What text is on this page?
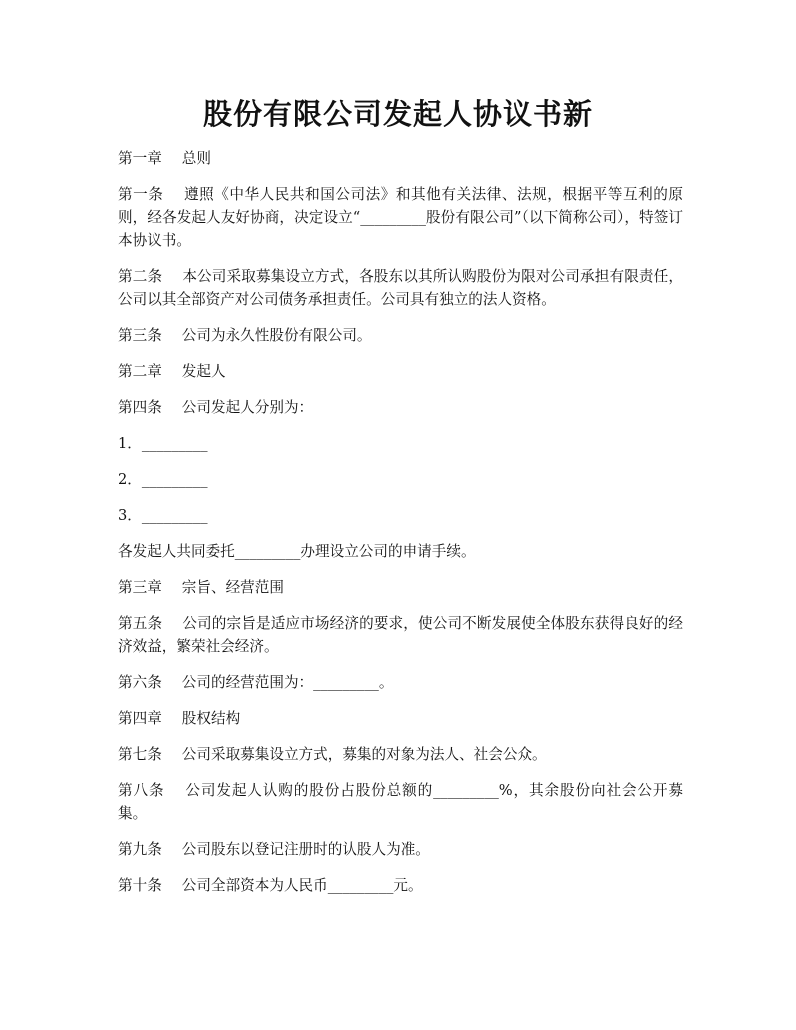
股份有限公司发起人协议书新

第一章 总则

第一条 遵照《中华人民共和国公司法》和其他有关法律、法规，根据平等互利的原则，经各发起人友好协商，决定设立“_________股份有限公司”（以下简称公司），特签订本协议书。

第二条 本公司采取募集设立方式，各股东以其所认购股份为限对公司承担有限责任，公司以其全部资产对公司债务承担责任。公司具有独立的法人资格。

第三条 公司为永久性股份有限公司。

第二章 发起人

第四条 公司发起人分别为：

1．_________

2．_________

3．_________

各发起人共同委托_________办理设立公司的申请手续。

第三章 宗旨、经营范围

第五条 公司的宗旨是适应市场经济的要求，使公司不断发展使全体股东获得良好的经济效益，繁荣社会经济。

第六条 公司的经营范围为：_________。

第四章 股权结构

第七条 公司采取募集设立方式，募集的对象为法人、社会公众。

第八条 公司发起人认购的股份占股份总额的_________%，其余股份向社会公开募集。

第九条 公司股东以登记注册时的认股人为准。

第十条 公司全部资本为人民币_________元。
